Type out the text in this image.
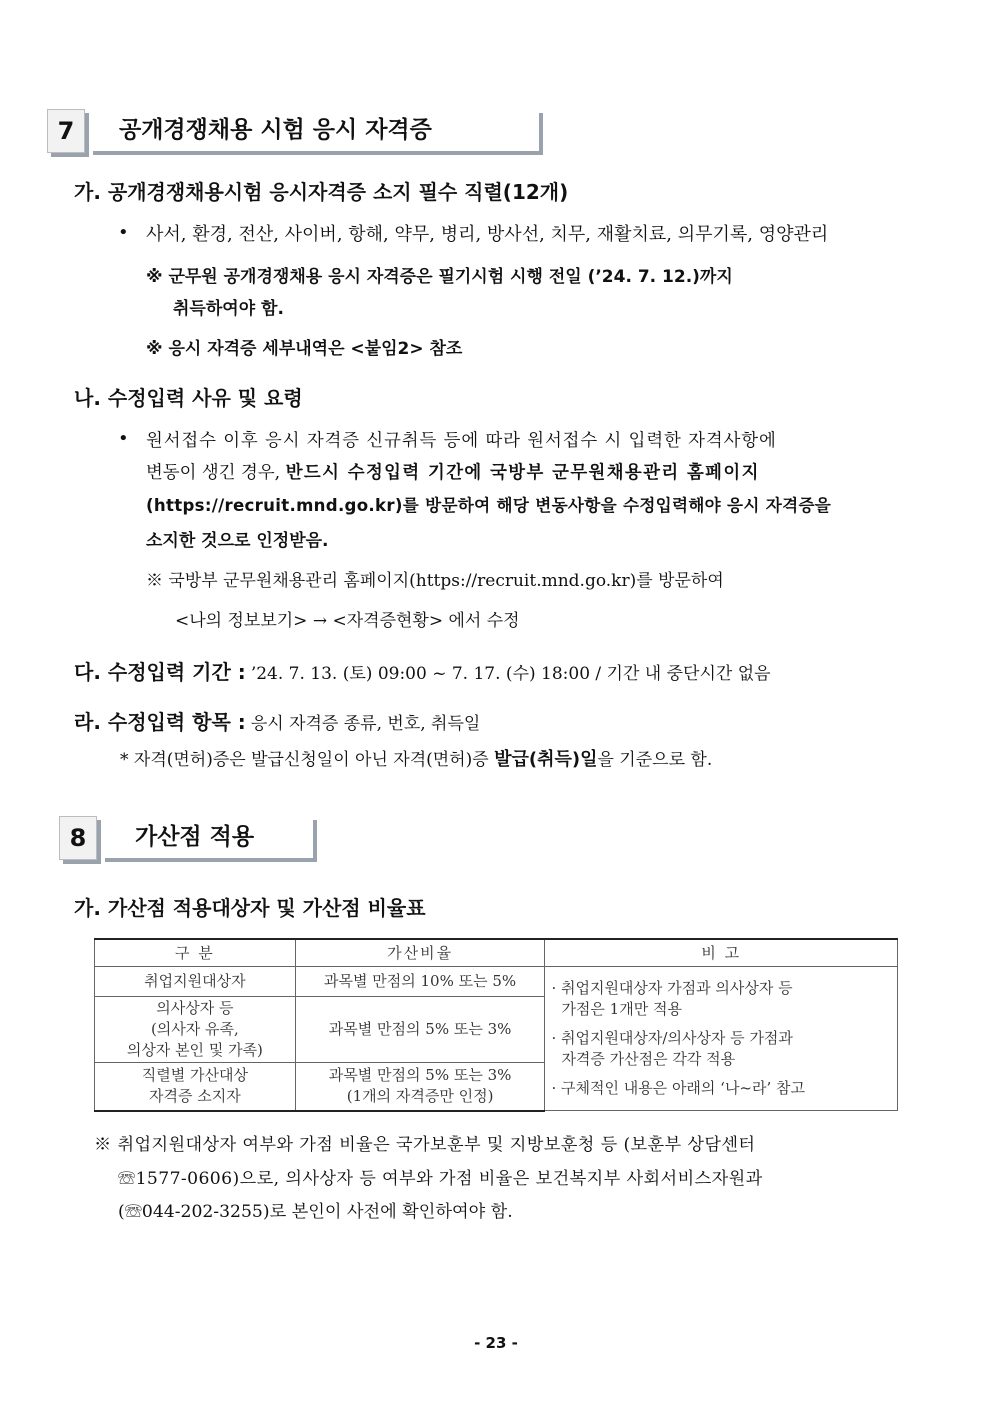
7	공개경쟁채용 시험 응시 자격증
가. 공개경쟁채용시험 응시자격증 소지 필수 직렬(12개)
• 사서, 환경, 전산, 사이버, 항해, 약무, 병리, 방사선, 치무, 재활치료, 의무기록, 영양관리
※ 군무원 공개경쟁채용 응시 자격증은 필기시험 시행 전일 (’24. 7. 12.)까지
취득하여야 함.
※ 응시 자격증 세부내역은 <붙임2> 참조
나. 수정입력 사유 및 요령
• 원서접수 이후 응시 자격증 신규취득 등에 따라 원서접수 시 입력한 자격사항에
변동이 생긴 경우, 반드시 수정입력 기간에 국방부 군무원채용관리 홈페이지
(https://recruit.mnd.go.kr)를 방문하여 해당 변동사항을 수정입력해야 응시 자격증을
소지한 것으로 인정받음.
※ 국방부 군무원채용관리 홈페이지(https://recruit.mnd.go.kr)를 방문하여
<나의 정보보기> → <자격증현황> 에서 수정
다. 수정입력 기간 : ’24. 7. 13. (토) 09:00 ~ 7. 17. (수) 18:00 / 기간 내 중단시간 없음
라. 수정입력 항목 : 응시 자격증 종류, 번호, 취득일
* 자격(면허)증은 발급신청일이 아닌 자격(면허)증 발급(취득)일을 기준으로 함.
8	가산점 적용
가. 가산점 적용대상자 및 가산점 비율표
구 분	가산비율	비 고
취업지원대상자	과목별 만점의 10% 또는 5%	· 취업지원대상자 가점과 의사상자 등
가점은 1개만 적용

· 취업지원대상자/의사상자 등 가점과
자격증 가산점은 각각 적용

· 구체적인 내용은 아래의 ‘나~라’ 참고

의사상자 등
(의사자 유족,
의상자 본인 및 가족)	과목별 만점의 5% 또는 3%	
직렬별 가산대상
자격증 소지자	과목별 만점의 5% 또는 3%
(1개의 자격증만 인정)	
※ 취업지원대상자 여부와 가점 비율은 국가보훈부 및 지방보훈청 등 (보훈부 상담센터
☏1577-0606)으로, 의사상자 등 여부와 가점 비율은 보건복지부 사회서비스자원과
(☏044-202-3255)로 본인이 사전에 확인하여야 함.
- 23 -
